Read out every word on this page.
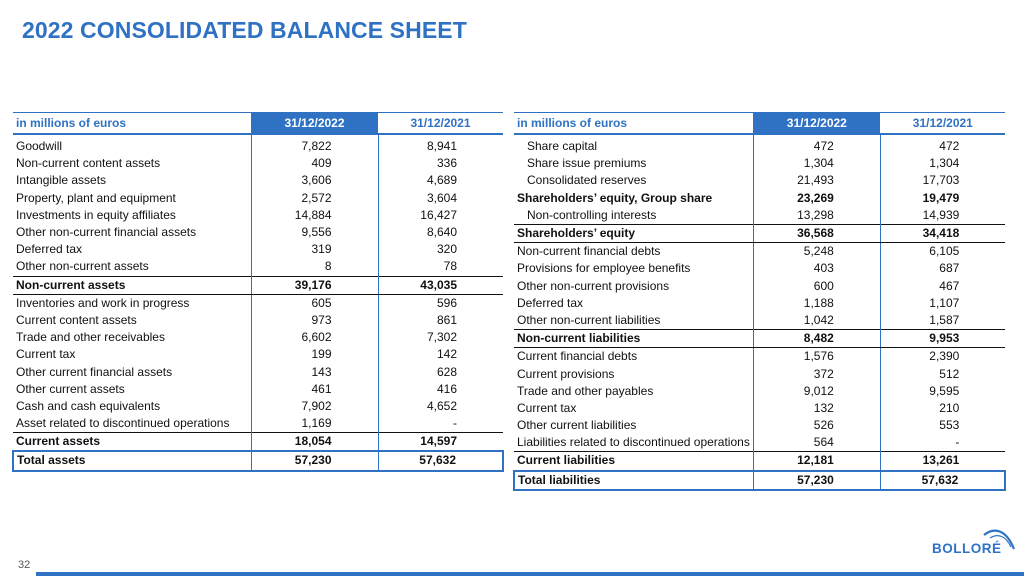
2022 CONSOLIDATED BALANCE SHEET
in millions of euros	31/12/2022	31/12/2021
Goodwill	7,822	8,941
Non-current content assets	409	336
Intangible assets	3,606	4,689
Property, plant and equipment	2,572	3,604
Investments in equity affiliates	14,884	16,427
Other non-current financial assets	9,556	8,640
Deferred tax	319	320
Other non-current assets	8	78
Non-current assets	39,176	43,035
Inventories and work in progress	605	596
Current content assets	973	861
Trade and other receivables	6,602	7,302
Current tax	199	142
Other current financial assets	143	628
Other current assets	461	416
Cash and cash equivalents	7,902	4,652
Asset related to discontinued operations	1,169	-
Current assets	18,054	14,597
Total assets	57,230	57,632
in millions of euros	31/12/2022	31/12/2021
Share capital	472	472
Share issue premiums	1,304	1,304
Consolidated reserves	21,493	17,703
Shareholders’ equity, Group share	23,269	19,479
Non-controlling interests	13,298	14,939
Shareholders’ equity	36,568	34,418
Non-current financial debts	5,248	6,105
Provisions for employee benefits	403	687
Other non-current provisions	600	467
Deferred tax	1,188	1,107
Other non-current liabilities	1,042	1,587
Non-current liabilities	8,482	9,953
Current financial debts	1,576	2,390
Current provisions	372	512
Trade and other payables	9,012	9,595
Current tax	132	210
Other current liabilities	526	553
Liabilities related to discontinued operations	564	-
Current liabilities	12,181	13,261
Total liabilities	57,230	57,632
32
BOLLORÉ
